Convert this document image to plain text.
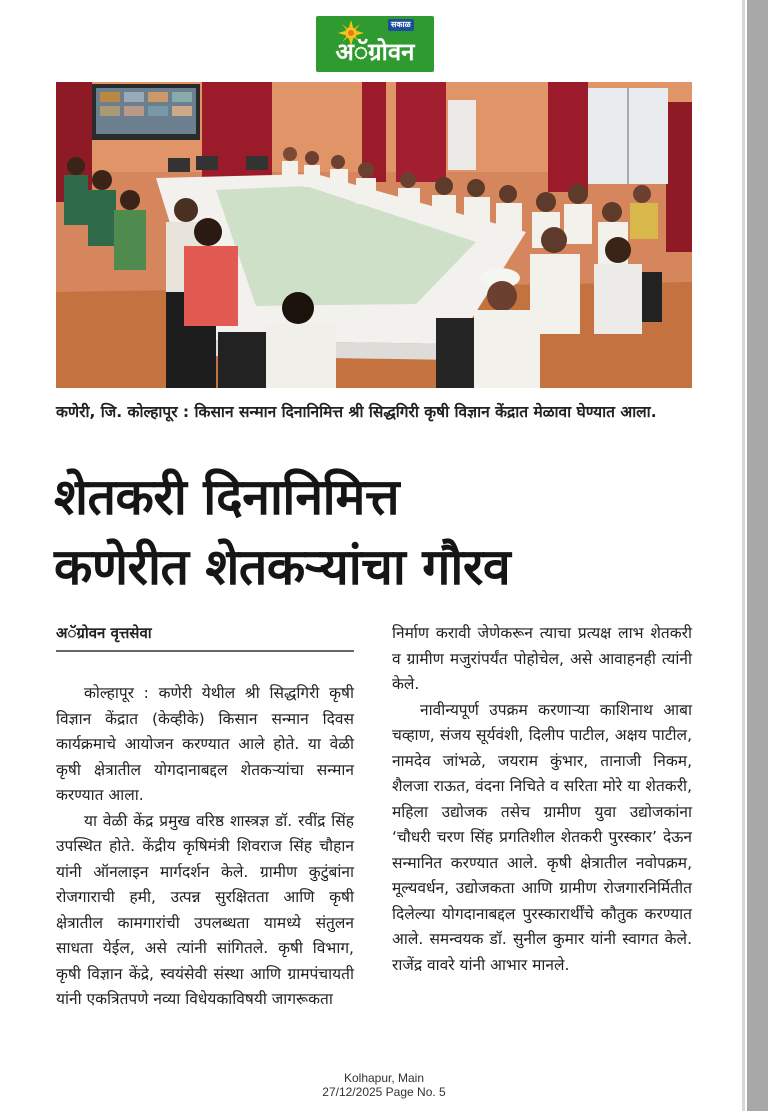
सकाळ
अॅग्रोवन
कणेरी, जि. कोल्हापूर : किसान सन्मान दिनानिमित्त श्री सिद्धगिरी कृषी विज्ञान केंद्रात मेळावा घेण्यात आला.
शेतकरी दिनानिमित्त
कणेरीत शेतकऱ्यांचा गौरव
अॅग्रोवन वृत्तसेवा

कोल्हापूर : कणेरी येथील श्री सिद्धगिरी कृषी विज्ञान केंद्रात (केव्हीके) किसान सन्मान दिवस कार्यक्रमाचे आयोजन करण्यात आले होते. या वेळी कृषी क्षेत्रातील योगदानाबद्दल शेतकऱ्यांचा सन्मान करण्यात आला.

या वेळी केंद्र प्रमुख वरिष्ठ शास्त्रज्ञ डॉ. रवींद्र सिंह उपस्थित होते. केंद्रीय कृषिमंत्री शिवराज सिंह चौहान यांनी ऑनलाइन मार्गदर्शन केले. ग्रामीण कुटुंबांना रोजगाराची हमी, उत्पन्न सुरक्षितता आणि कृषी क्षेत्रातील कामगारांची उपलब्धता यामध्ये संतुलन साधता येईल, असे त्यांनी सांगितले. कृषी विभाग, कृषी विज्ञान केंद्रे, स्वयंसेवी संस्था आणि ग्रामपंचायती यांनी एकत्रितपणे नव्या विधेयकाविषयी जागरूकता

निर्माण करावी जेणेकरून त्याचा प्रत्यक्ष लाभ शेतकरी व ग्रामीण मजुरांपर्यंत पोहोचेल, असे आवाहनही त्यांनी केले.

नावीन्यपूर्ण उपक्रम करणाऱ्या काशिनाथ आबा चव्हाण, संजय सूर्यवंशी, दिलीप पाटील, अक्षय पाटील, नामदेव जांभळे, जयराम कुंभार, तानाजी निकम, शैलजा राऊत, वंदना निचिते व सरिता मोरे या शेतकरी, महिला उद्योजक तसेच ग्रामीण युवा उद्योजकांना ‘चौधरी चरण सिंह प्रगतिशील शेतकरी पुरस्कार’ देऊन सन्मानित करण्यात आले. कृषी क्षेत्रातील नवोपक्रम, मूल्यवर्धन, उद्योजकता आणि ग्रामीण रोजगारनिर्मितीत दिलेल्या योगदानाबद्दल पुरस्कारार्थींचे कौतुक करण्यात आले. समन्वयक डॉ. सुनील कुमार यांनी स्वागत केले. राजेंद्र वावरे यांनी आभार मानले.

Kolhapur, Main
27/12/2025 Page No. 5
